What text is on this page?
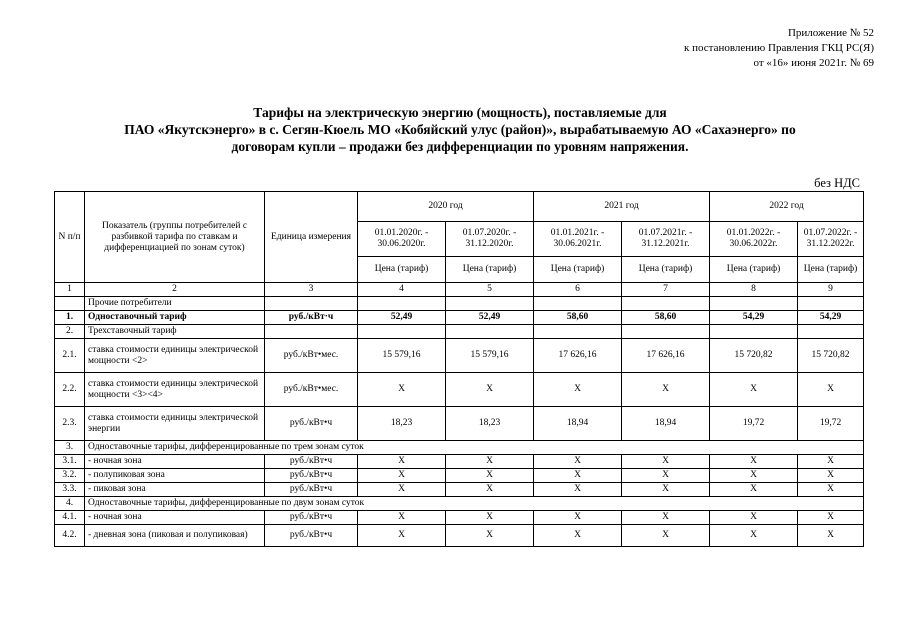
Приложение № 52
к постановлению Правления ГКЦ РС(Я)
от «16» июня 2021г. № 69
Тарифы на электрическую энергию (мощность), поставляемые для
ПАО «Якутскэнерго» в с. Сегян-Кюель МО «Кобяйский улус (район)», вырабатываемую АО «Сахаэнерго» по
договорам купли – продажи без дифференциации по уровням напряжения.
без НДС
N п/п	Показатель (группы потребителей с разбивкой тарифа по ставкам и дифференциацией по зонам суток)	Единица измерения	2020 год		2021 год		2022 год	
			01.01.2020г. - 30.06.2020г.	01.07.2020г. - 31.12.2020г.	01.01.2021г. - 30.06.2021г.	01.07.2021г. - 31.12.2021г.	01.01.2022г. - 30.06.2022г.	01.07.2022г. - 31.12.2022г.
			Цена (тариф)	Цена (тариф)	Цена (тариф)	Цена (тариф)	Цена (тариф)	Цена (тариф)
1	2	3	4	5	6	7	8	9
	Прочие потребители							
1.	Одноставочный тариф	руб./кВт·ч	52,49	52,49	58,60	58,60	54,29	54,29
2.	Трехставочный тариф							
2.1.	ставка стоимости единицы электрической мощности <2>	руб./кВт•мес.	15 579,16	15 579,16	17 626,16	17 626,16	15 720,82	15 720,82
2.2.	ставка стоимости единицы электрической мощности <3><4>	руб./кВт•мес.	X	X	X	X	X	X
2.3.	ставка стоимости единицы электрической энергии	руб./кВт•ч	18,23	18,23	18,94	18,94	19,72	19,72
3.	Одноставочные тарифы, дифференцированные по трем зонам суток							
3.1.	- ночная зона	руб./кВт•ч	X	X	X	X	X	X
3.2.	- полупиковая зона	руб./кВт•ч	X	X	X	X	X	X
3.3.	- пиковая зона	руб./кВт•ч	X	X	X	X	X	X
4.	Одноставочные тарифы, дифференцированные по двум зонам суток							
4.1.	- ночная зона	руб./кВт•ч	X	X	X	X	X	X
4.2.	- дневная зона (пиковая и полупиковая)	руб./кВт•ч	X	X	X	X	X	X
